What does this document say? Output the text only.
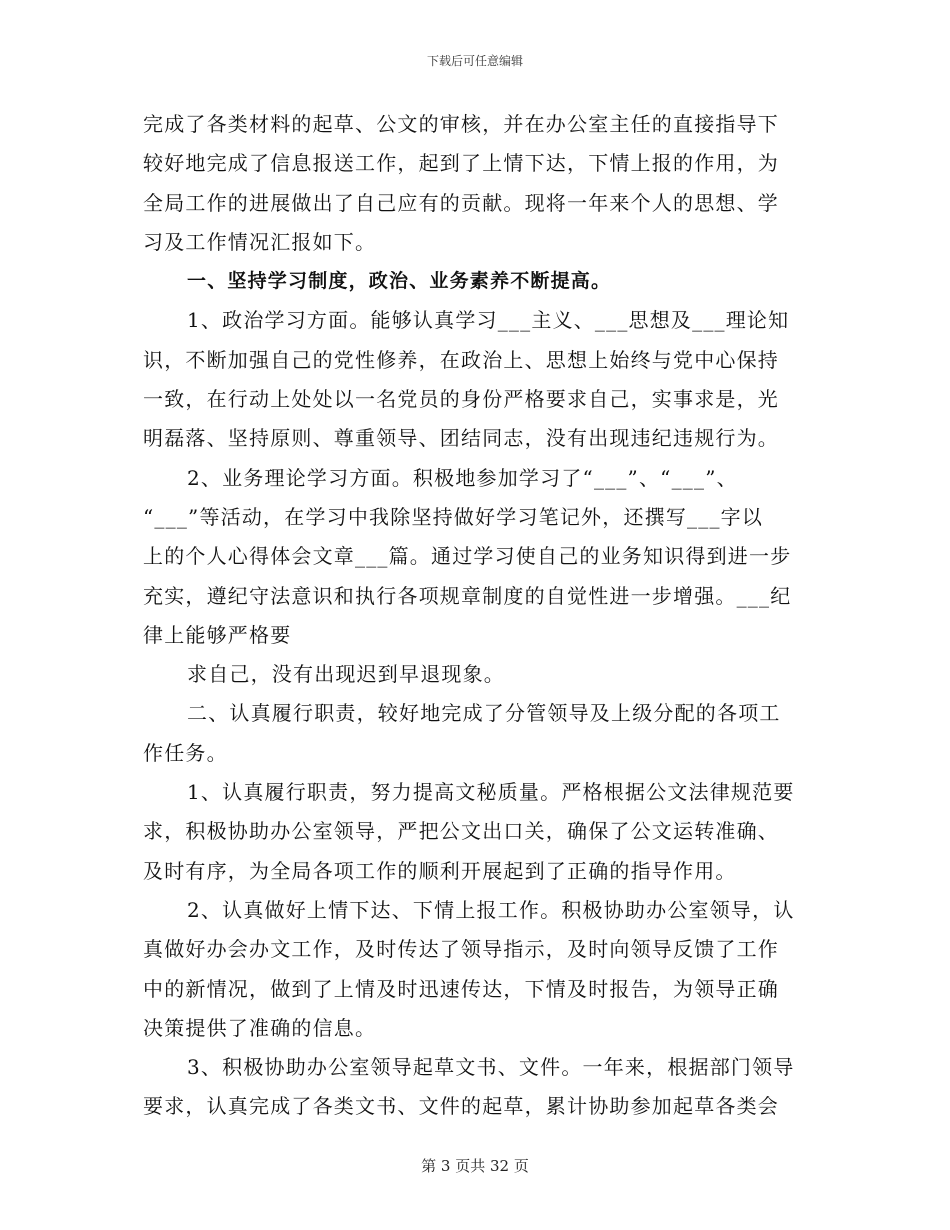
下载后可任意编辑
完成了各类材料的起草、公文的审核，并在办公室主任的直接指导下
较好地完成了信息报送工作，起到了上情下达，下情上报的作用，为
全局工作的进展做出了自己应有的贡献。现将一年来个人的思想、学
习及工作情况汇报如下。
一、坚持学习制度，政治、业务素养不断提高。
1、政治学习方面。能够认真学习___主义、___思想及___理论知
识，不断加强自己的党性修养，在政治上、思想上始终与党中心保持
一致，在行动上处处以一名党员的身份严格要求自己，实事求是，光
明磊落、坚持原则、尊重领导、团结同志，没有出现违纪违规行为。
2、业务理论学习方面。积极地参加学习了“___”、“___”、
“___”等活动，在学习中我除坚持做好学习笔记外，还撰写___字以
上的个人心得体会文章___篇。通过学习使自己的业务知识得到进一步
充实，遵纪守法意识和执行各项规章制度的自觉性进一步增强。___纪
律上能够严格要
求自己，没有出现迟到早退现象。
二、认真履行职责，较好地完成了分管领导及上级分配的各项工
作任务。
1、认真履行职责，努力提高文秘质量。严格根据公文法律规范要
求，积极协助办公室领导，严把公文出口关，确保了公文运转准确、
及时有序，为全局各项工作的顺利开展起到了正确的指导作用。
2、认真做好上情下达、下情上报工作。积极协助办公室领导，认
真做好办会办文工作，及时传达了领导指示，及时向领导反馈了工作
中的新情况，做到了上情及时迅速传达，下情及时报告，为领导正确
决策提供了准确的信息。
3、积极协助办公室领导起草文书、文件。一年来，根据部门领导
要求，认真完成了各类文书、文件的起草，累计协助参加起草各类会
第 3 页共 32 页
